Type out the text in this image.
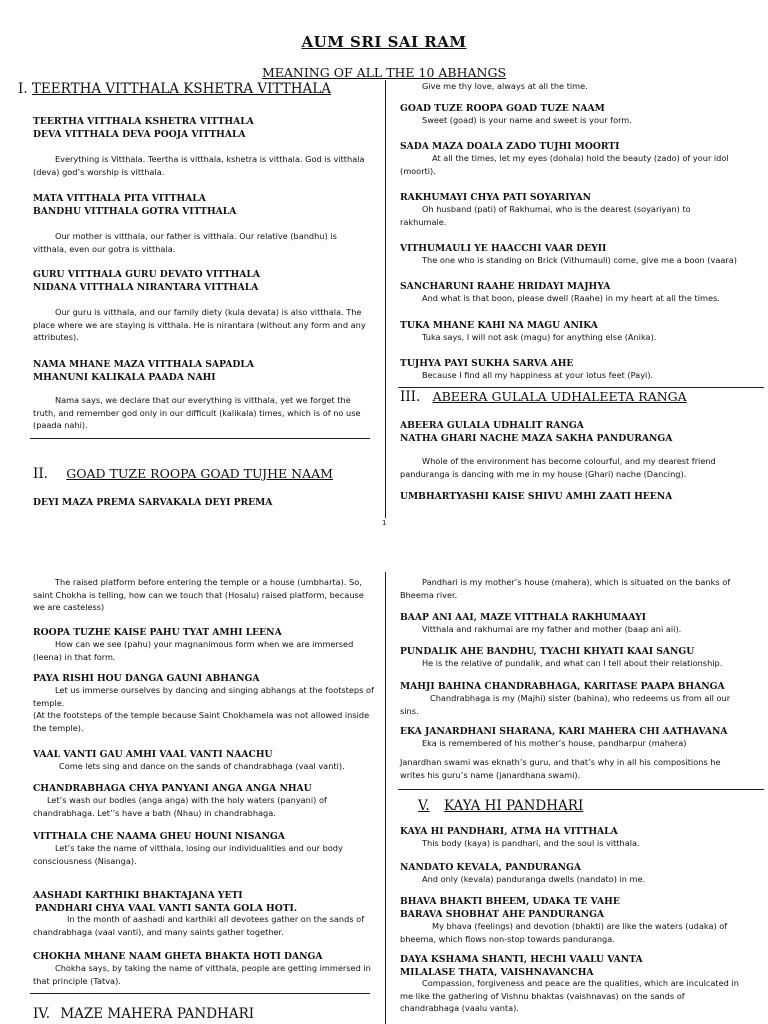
AUM SRI SAI RAM
MEANING OF ALL THE 10 ABHANGS
I. TEERTHA VITTHALA KSHETRA VITTHALA
TEERTHA VITTHALA KSHETRA VITTHALA
DEVA VITTHALA DEVA POOJA VITTHALA
Everything is Vitthala. Teertha is vitthala, kshetra is vitthala. God is vitthala
(deva) god’s worship is vitthala.
MATA VITTHALA PITA VITTHALA
BANDHU VITTHALA GOTRA VITTHALA
Our mother is vitthala, our father is vitthala. Our relative (bandhu) is
vitthala, even our gotra is vitthala.
GURU VITTHALA GURU DEVATO VITTHALA
NIDANA VITTHALA NIRANTARA VITTHALA
Our guru is vitthala, and our family diety (kula devata) is also vitthala. The
place where we are staying is vitthala. He is nirantara (without any form and any
attributes).
NAMA MHANE MAZA VITTHALA SAPADLA
MHANUNI KALIKALA PAADA NAHI
Nama says, we declare that our everything is vitthala, yet we forget the
truth, and remember god only in our difficult (kalikala) times, which is of no use
(paada nahi).
II. GOAD TUZE ROOPA GOAD TUJHE NAAM
DEYI MAZA PREMA SARVAKALA DEYI PREMA
Give me thy love, always at all the time.
GOAD TUZE ROOPA GOAD TUZE NAAM
Sweet (goad) is your name and sweet is your form.
SADA MAZA DOALA ZADO TUJHI MOORTI
At all the times, let my eyes (dohala) hold the beauty (zado) of your idol
(moorti).
RAKHUMAYI CHYA PATI SOYARIYAN
Oh husband (pati) of Rakhumai, who is the dearest (soyariyan) to
rakhumaie.
VITHUMAULI YE HAACCHI VAAR DEYII
The one who is standing on Brick (Vithumauli) come, give me a boon (vaara)
SANCHARUNI RAAHE HRIDAYI MAJHYA
And what is that boon, please dwell (Raahe) in my heart at all the times.
TUKA MHANE KAHI NA MAGU ANIKA
Tuka says, I will not ask (magu) for anything else (Anika).
TUJHYA PAYI SUKHA SARVA AHE
Because I find all my happiness at your lotus feet (Payi).
III. ABEERA GULALA UDHALEETA RANGA
ABEERA GULALA UDHALIT RANGA
NATHA GHARI NACHE MAZA SAKHA PANDURANGA
Whole of the environment has become colourful, and my dearest friend
panduranga is dancing with me in my house (Ghari) nache (Dancing).
UMBHARTYASHI KAISE SHIVU AMHI ZAATI HEENA
1
The raised platform before entering the temple or a house (umbharta). So,
saint Chokha is telling, how can we touch that (Hosalu) raised platform, because
we are casteless)
ROOPA TUZHE KAISE PAHU TYAT AMHI LEENA
How can we see (pahu) your magnanimous form when we are immersed
(leena) in that form.
PAYA RISHI HOU DANGA GAUNI ABHANGA
Let us immerse ourselves by dancing and singing abhangs at the footsteps of
temple.
(At the footsteps of the temple because Saint Chokhamela was not allowed inside
the temple).
VAAL VANTI GAU AMHI VAAL VANTI NAACHU
Come lets sing and dance on the sands of chandrabhaga (vaal vanti).
CHANDRABHAGA CHYA PANYANI ANGA ANGA NHAU
Let’s wash our bodies (anga anga) with the holy waters (panyani) of
chandrabhaga. Let’’s have a bath (Nhau) in chandrabhaga.
VITTHALA CHE NAAMA GHEU HOUNI NISANGA
Let’s take the name of vitthala, losing our individualities and our body
consciousness (Nisanga).
AASHADI KARTHIKI BHAKTAJANA YETI
PANDHARI CHYA VAAL VANTI SANTA GOLA HOTI.
In the month of aashadi and karthiki all devotees gather on the sands of
chandrabhaga (vaal vanti), and many saints gather together.
CHOKHA MHANE NAAM GHETA BHAKTA HOTI DANGA
Chokha says, by taking the name of vitthala, people are getting immersed in
that principle (Tatva).
IV. MAZE MAHERA PANDHARI
Pandhari is my mother’s house (mahera), which is situated on the banks of
Bheema river.
BAAP ANI AAI, MAZE VITTHALA RAKHUMAAYI
Vitthala and rakhumai are my father and mother (baap ani aii).
PUNDALIK AHE BANDHU, TYACHI KHYATI KAAI SANGU
He is the relative of pundalik, and what can I tell about their relationship.
MAHJI BAHINA CHANDRABHAGA, KARITASE PAAPA BHANGA
Chandrabhaga is my (Majhi) sister (bahina), who redeems us from all our
sins.
EKA JANARDHANI SHARANA, KARI MAHERA CHI AATHAVANA
Eka is remembered of his mother’s house, pandharpur (mahera)
Janardhan swami was eknath’s guru, and that’s why in all his compositions he
writes his guru’s name (janardhana swami).
V. KAYA HI PANDHARI
KAYA HI PANDHARI, ATMA HA VITTHALA
This body (kaya) is pandhari, and the soul is vitthala.
NANDATO KEVALA, PANDURANGA
And only (kevala) panduranga dwells (nandato) in me.
BHAVA BHAKTI BHEEM, UDAKA TE VAHE
BARAVA SHOBHAT AHE PANDURANGA
My bhava (feelings) and devotion (bhakti) are like the waters (udaka) of
bheema, which flows non-stop towards panduranga.
DAYA KSHAMA SHANTI, HECHI VAALU VANTA
MILALASE THATA, VAISHNAVANCHA
Compassion, forgiveness and peace are the qualities, which are inculcated in
me like the gathering of Vishnu bhaktas (vaishnavas) on the sands of
chandrabhaga (vaalu vanta).
